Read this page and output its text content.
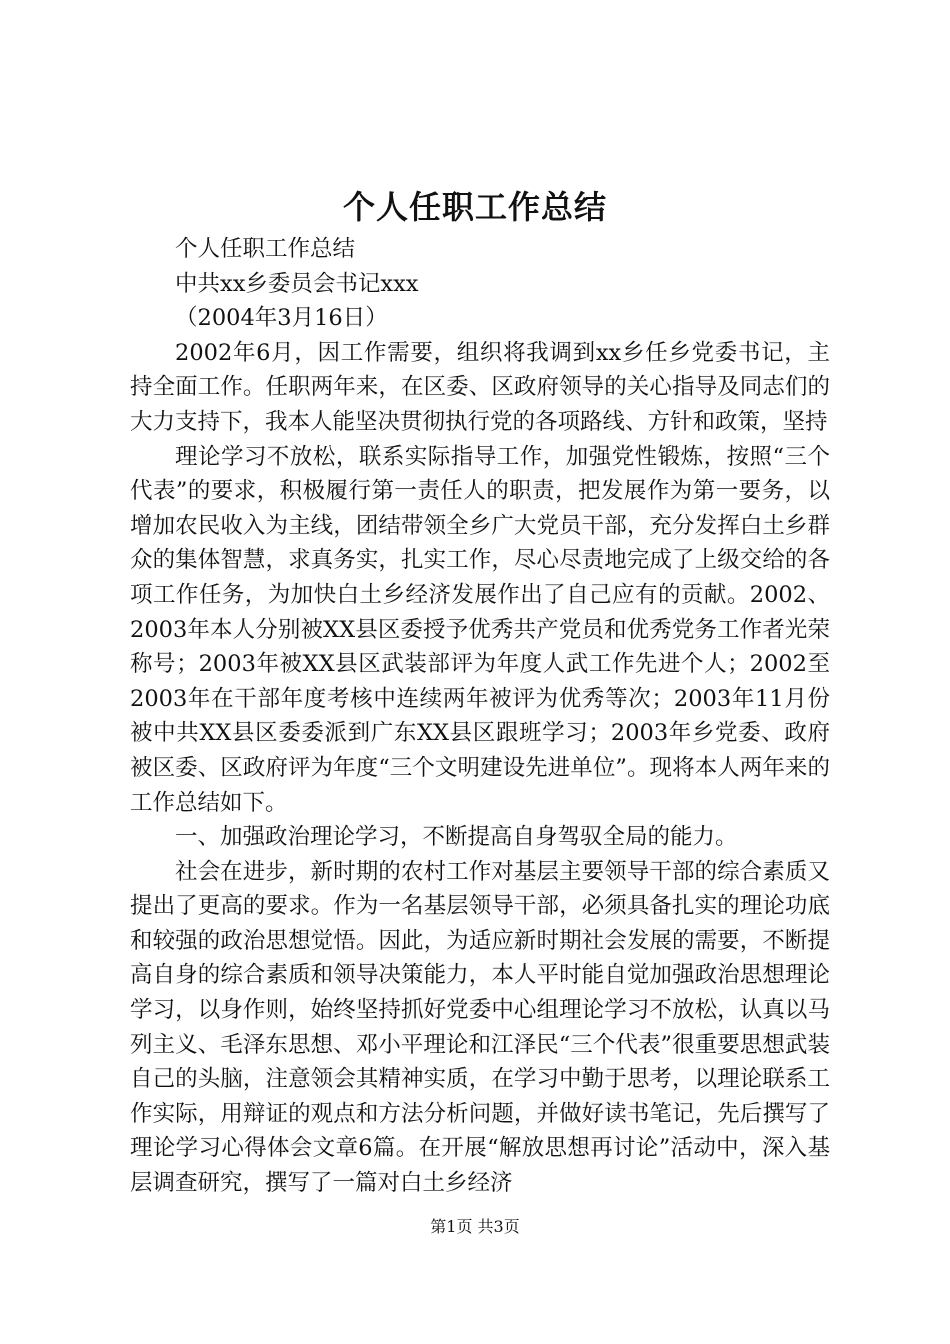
个人任职工作总结

个人任职工作总结

中共xx乡委员会书记xxx

（2004年3月16日）

2002年6月，因工作需要，组织将我调到xx乡任乡党委书记，主持全面工作。任职两年来，在区委、区政府领导的关心指导及同志们的大力支持下，我本人能坚决贯彻执行党的各项路线、方针和政策，坚持

理论学习不放松，联系实际指导工作，加强党性锻炼，按照“三个代表”的要求，积极履行第一责任人的职责，把发展作为第一要务，以增加农民收入为主线，团结带领全乡广大党员干部，充分发挥白土乡群众的集体智慧，求真务实，扎实工作，尽心尽责地完成了上级交给的各项工作任务，为加快白土乡经济发展作出了自己应有的贡献。2002、2003年本人分别被XX县区委授予优秀共产党员和优秀党务工作者光荣称号；2003年被XX县区武装部评为年度人武工作先进个人；2002至2003年在干部年度考核中连续两年被评为优秀等次；2003年11月份被中共XX县区委委派到广东XX县区跟班学习；2003年乡党委、政府被区委、区政府评为年度“三个文明建设先进单位”。现将本人两年来的工作总结如下。

一、加强政治理论学习，不断提高自身驾驭全局的能力。

社会在进步，新时期的农村工作对基层主要领导干部的综合素质又提出了更高的要求。作为一名基层领导干部，必须具备扎实的理论功底和较强的政治思想觉悟。因此，为适应新时期社会发展的需要，不断提高自身的综合素质和领导决策能力，本人平时能自觉加强政治思想理论学习，以身作则，始终坚持抓好党委中心组理论学习不放松，认真以马列主义、毛泽东思想、邓小平理论和江泽民“三个代表”很重要思想武装自己的头脑，注意领会其精神实质，在学习中勤于思考，以理论联系工作实际，用辩证的观点和方法分析问题，并做好读书笔记，先后撰写了理论学习心得体会文章6篇。在开展“解放思想再讨论”活动中，深入基层调查研究，撰写了一篇对白土乡经济

第1页 共3页
